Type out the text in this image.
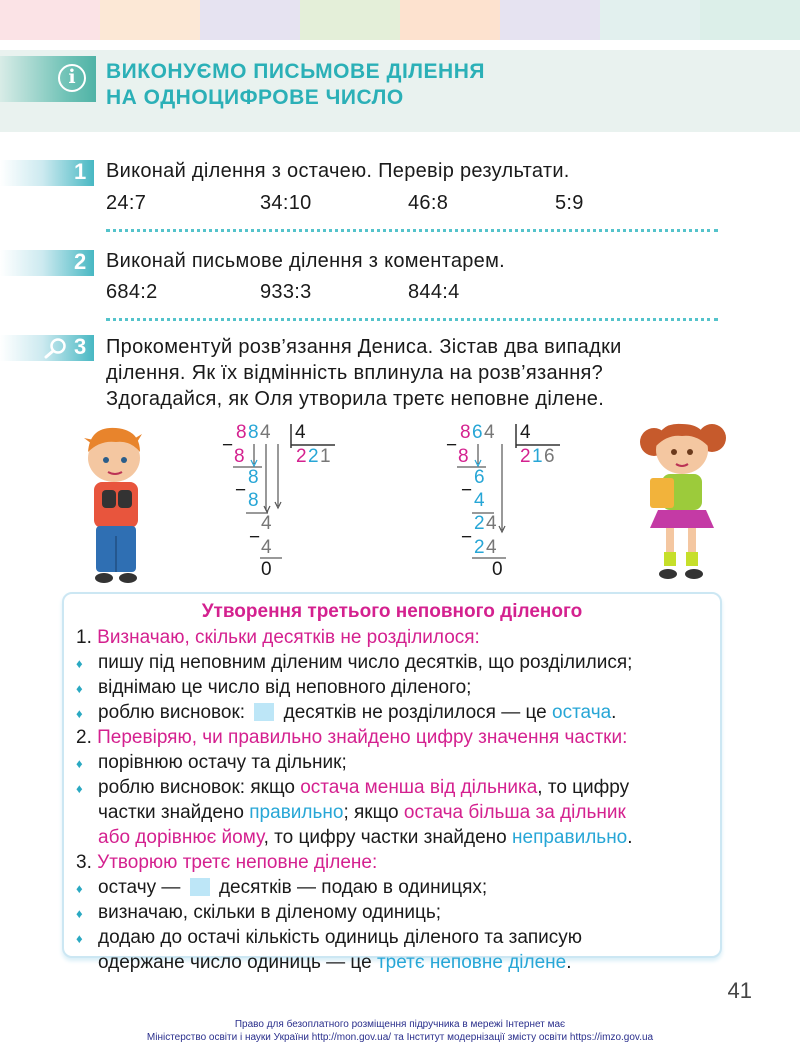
i	ВИКОНУЄМО ПИСЬМОВЕ ДІЛЕННЯ
НА ОДНОЦИФРОВЕ ЧИСЛО
1 Виконай ділення з остачею. Перевір результати.
24:7	34:10	46:8	5:9
2 Виконай письмове ділення з коментарем.
684:2	933:3	844:4
3 Прокоментуй розв’язання Дениса. Зістав два випадки
ділення. Як їх відмінність вплинула на розв’язання?
Здогадайся, як Оля утворила третє неповне ділене.
8 8 4 4
−
8	2 2 1
8
− 8
4
− 4
0
8 6 4 4
−
8	2 1 6
6
− 4
2 4
− 2 4
0
Утворення третього неповного діленого
1. Визначаю, скільки десятків не розділилося:
♦ пишу під неповним діленим число десятків, що розділилися;
♦ віднімаю це число від неповного діленого;
♦ роблю висновок: десятків не розділилося — це остача.
2. Перевіряю, чи правильно знайдено цифру значення частки:
♦ порівнюю остачу та дільник;
♦ роблю висновок: якщо остача менша від дільника, то цифру
частки знайдено правильно; якщо остача більша за дільник
або дорівнює йому, то цифру частки знайдено неправильно.
3. Утворюю третє неповне ділене:
♦ остачу — десятків — подаю в одиницях;
♦ визначаю, скільки в діленому одиниць;
♦ додаю до остачі кількість одиниць діленого та записую
одержане число одиниць — це третє неповне ділене.
41
Право для безоплатного розміщення підручника в мережі Інтернет має
Міністерство освіти і науки України http://mon.gov.ua/ та Інститут модернізації змісту освіти https://imzo.gov.ua
